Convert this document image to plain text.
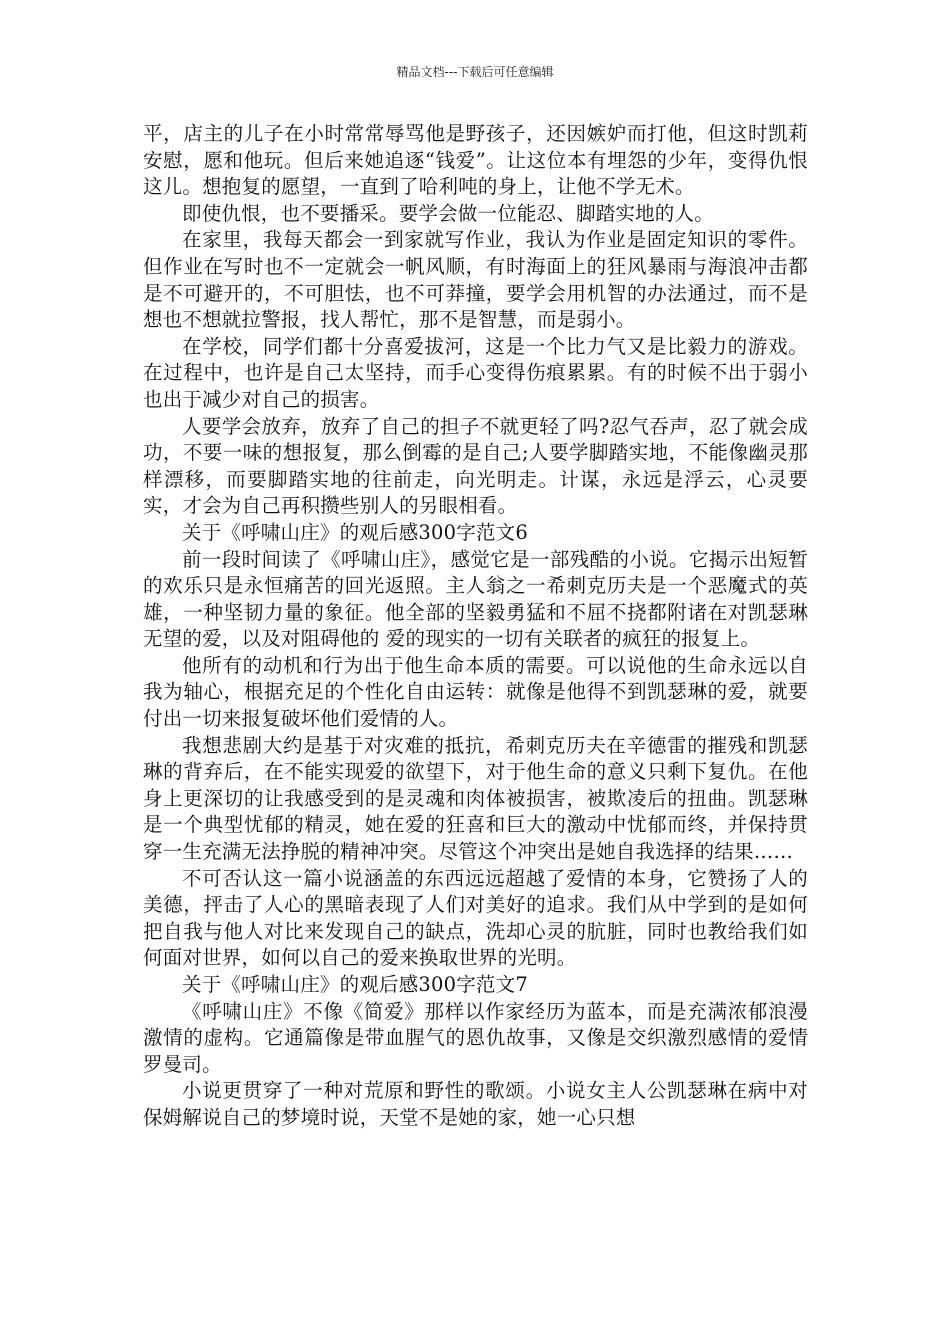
精品文档---下载后可任意编辑

平，店主的儿子在小时常常辱骂他是野孩子，还因嫉妒而打他，但这时凯莉安慰，愿和他玩。但后来她追逐“钱爱”。让这位本有埋怨的少年，变得仇恨这儿。想抱复的愿望，一直到了哈利吨的身上，让他不学无术。

即使仇恨，也不要播采。要学会做一位能忍、脚踏实地的人。

在家里，我每天都会一到家就写作业，我认为作业是固定知识的零件。但作业在写时也不一定就会一帆风顺，有时海面上的狂风暴雨与海浪冲击都是不可避开的，不可胆怯，也不可莽撞，要学会用机智的办法通过，而不是想也不想就拉警报，找人帮忙，那不是智慧，而是弱小。

在学校，同学们都十分喜爱拔河，这是一个比力气又是比毅力的游戏。在过程中，也许是自己太坚持，而手心变得伤痕累累。有的时候不出于弱小也出于减少对自己的损害。

人要学会放弃，放弃了自己的担子不就更轻了吗?忍气吞声，忍了就会成功，不要一味的想报复，那么倒霉的是自己;人要学脚踏实地，不能像幽灵那样漂移，而要脚踏实地的往前走，向光明走。计谋，永远是浮云，心灵要实，才会为自己再积攒些别人的另眼相看。

关于《呼啸山庄》的观后感300字范文6

前一段时间读了《呼啸山庄》，感觉它是一部残酷的小说。它揭示出短暂的欢乐只是永恒痛苦的回光返照。主人翁之一希刺克历夫是一个恶魔式的英雄，一种坚韧力量的象征。他全部的坚毅勇猛和不屈不挠都附诸在对凯瑟琳无望的爱，以及对阻碍他的 爱的现实的一切有关联者的疯狂的报复上。

他所有的动机和行为出于他生命本质的需要。可以说他的生命永远以自我为轴心，根据充足的个性化自由运转：就像是他得不到凯瑟琳的爱，就要付出一切来报复破坏他们爱情的人。

我想悲剧大约是基于对灾难的抵抗，希刺克历夫在辛德雷的摧残和凯瑟琳的背弃后，在不能实现爱的欲望下，对于他生命的意义只剩下复仇。在他身上更深切的让我感受到的是灵魂和肉体被损害，被欺凌后的扭曲。凯瑟琳是一个典型忧郁的精灵，她在爱的狂喜和巨大的激动中忧郁而终，并保持贯穿一生充满无法挣脱的精神冲突。尽管这个冲突出是她自我选择的结果……

不可否认这一篇小说涵盖的东西远远超越了爱情的本身，它赞扬了人的美德，抨击了人心的黑暗表现了人们对美好的追求。我们从中学到的是如何把自我与他人对比来发现自己的缺点，洗却心灵的肮脏，同时也教给我们如何面对世界，如何以自己的爱来换取世界的光明。

关于《呼啸山庄》的观后感300字范文7

《呼啸山庄》不像《简爱》那样以作家经历为蓝本，而是充满浓郁浪漫激情的虚构。它通篇像是带血腥气的恩仇故事，又像是交织激烈感情的爱情罗曼司。

小说更贯穿了一种对荒原和野性的歌颂。小说女主人公凯瑟琳在病中对保姆解说自己的梦境时说，天堂不是她的家，她一心只想
